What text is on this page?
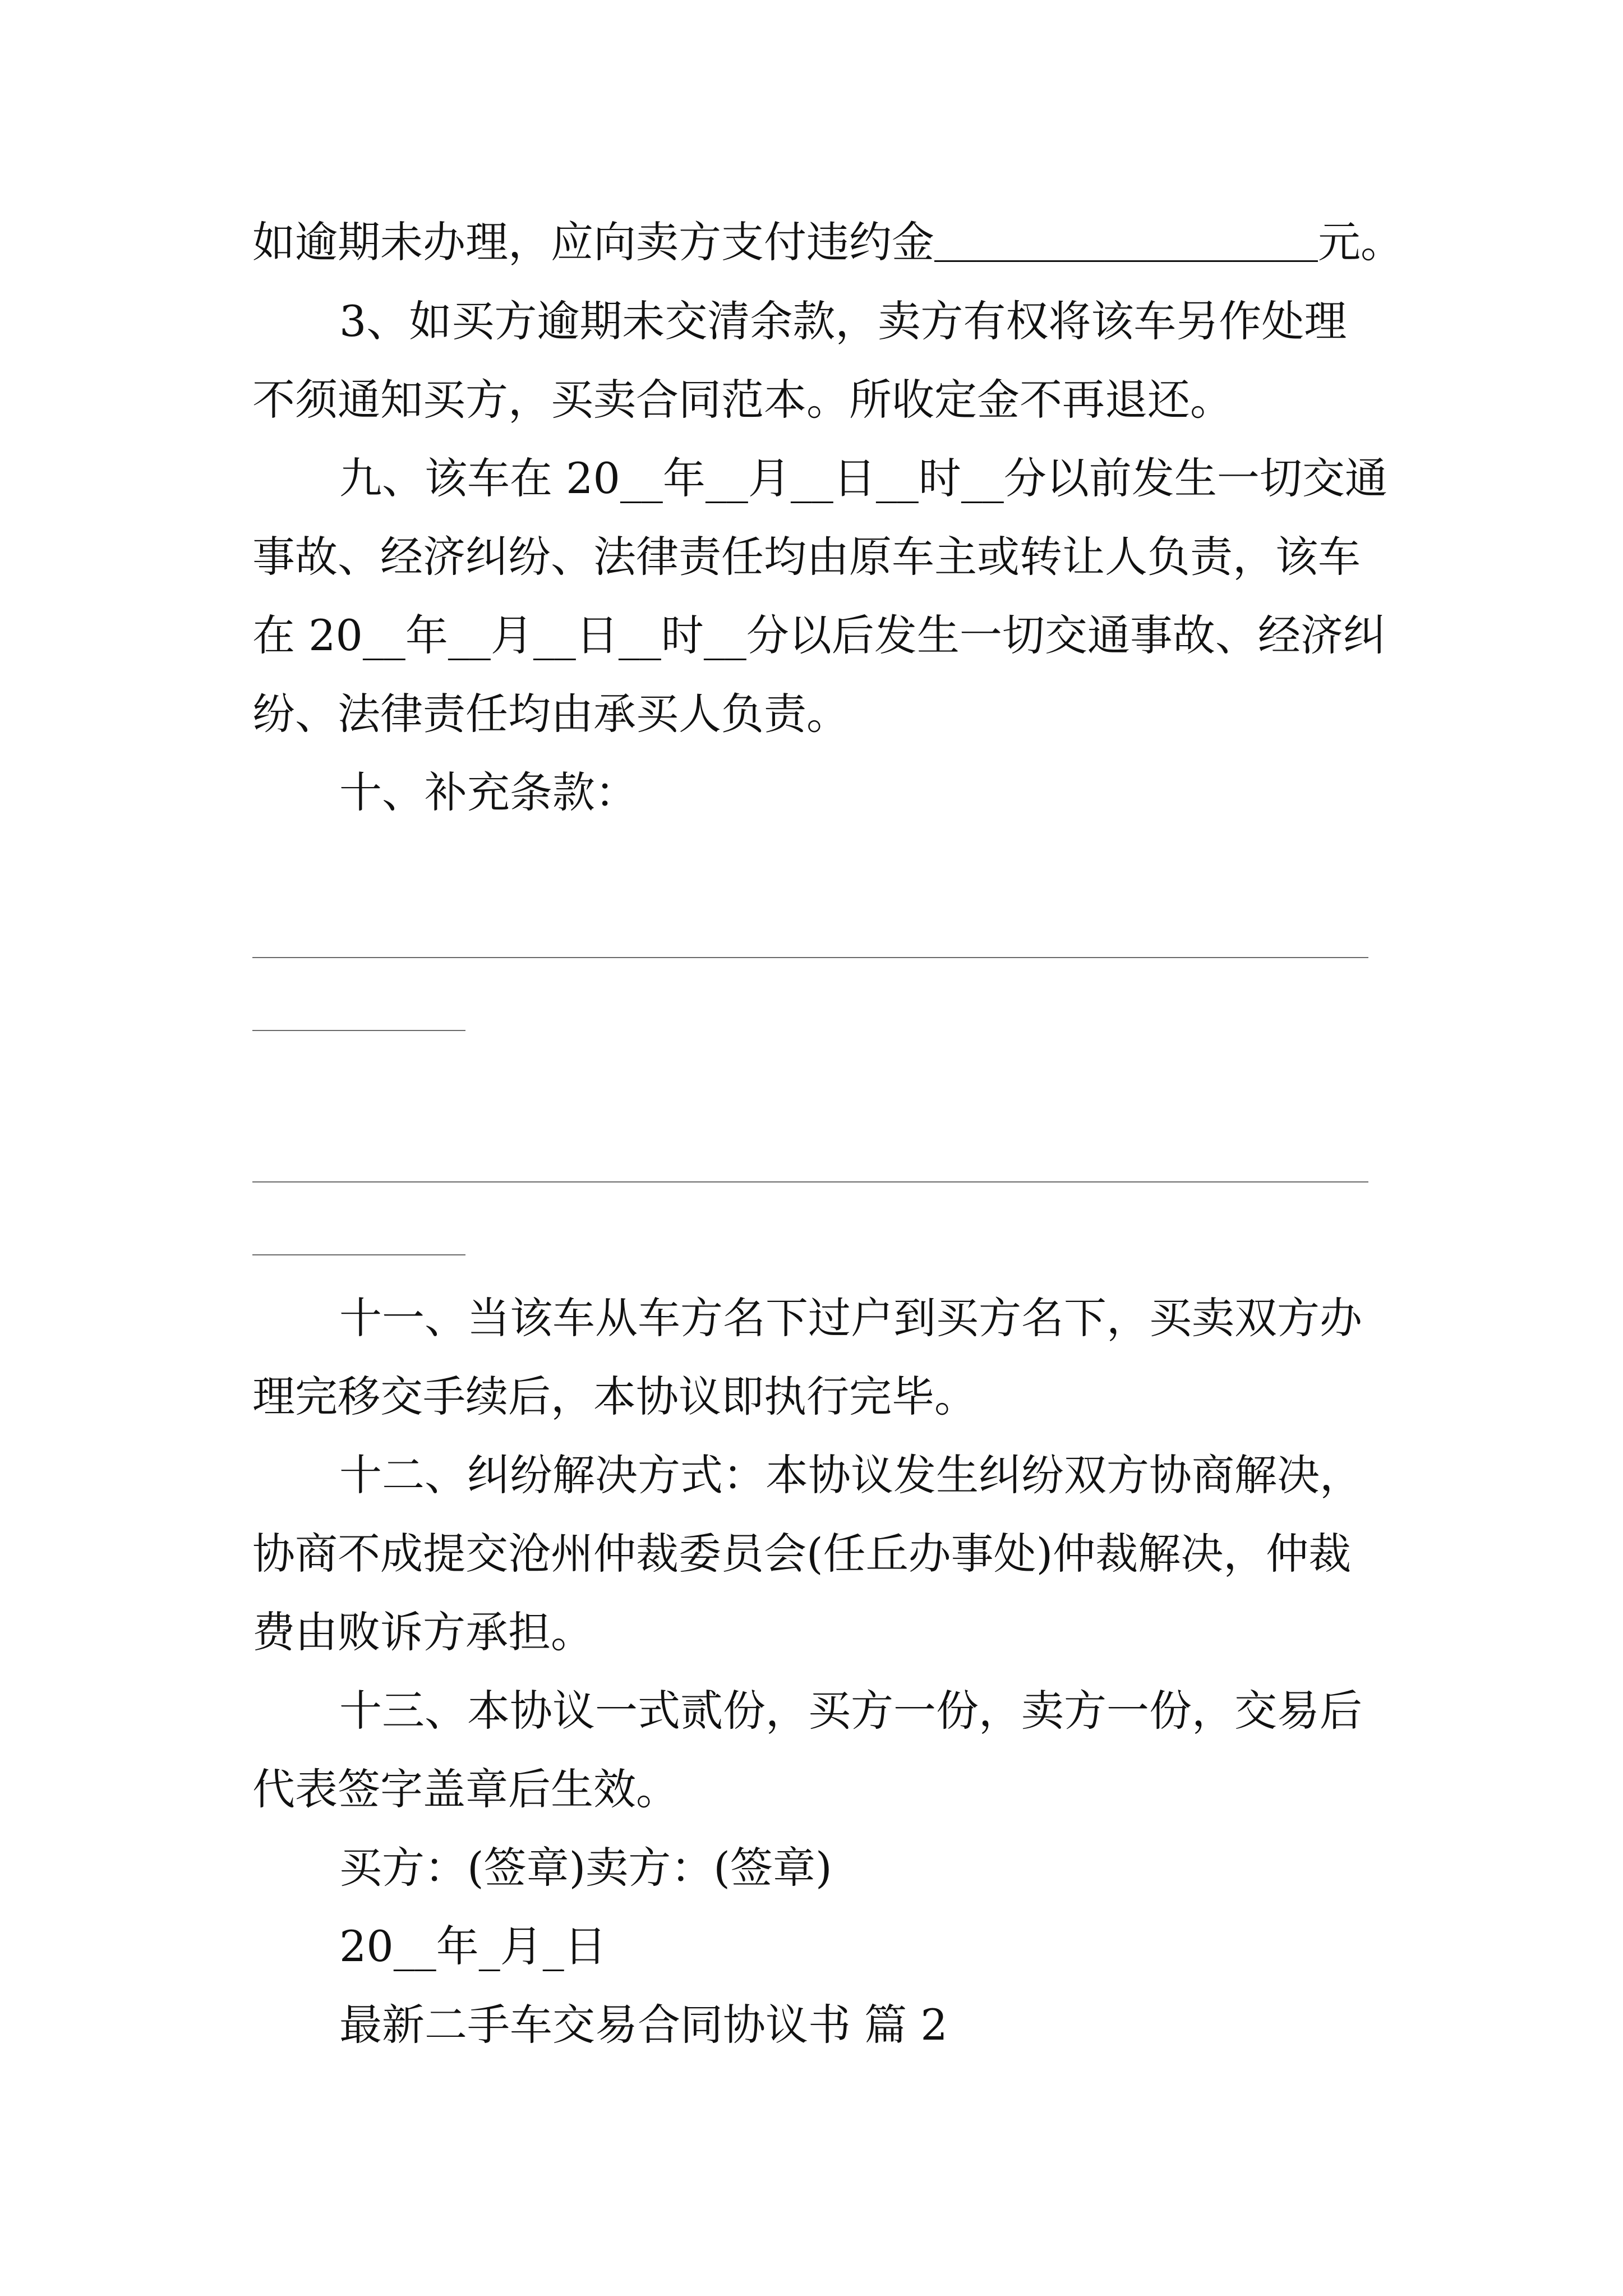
如逾期未办理，应向卖方支付违约金＿＿＿＿＿＿＿＿＿元。
3、如买方逾期未交清余款，卖方有权将该车另作处理
不须通知买方，买卖合同范本。所收定金不再退还。
九、该车在 20__年__月__日__时__分以前发生一切交通
事故、经济纠纷、法律责任均由原车主或转让人负责，该车
在 20__年__月__日__时__分以后发生一切交通事故、经济纠
纷、法律责任均由承买人负责。
十、补充条款：
十一、当该车从车方名下过户到买方名下，买卖双方办
理完移交手续后，本协议即执行完毕。
十二、纠纷解决方式：本协议发生纠纷双方协商解决，
协商不成提交沧州仲裁委员会(任丘办事处)仲裁解决，仲裁
费由败诉方承担。
十三、本协议一式贰份，买方一份，卖方一份，交易后
代表签字盖章后生效。
买方：(签章)卖方：(签章)
20__年_月_日
最新二手车交易合同协议书 篇 2
